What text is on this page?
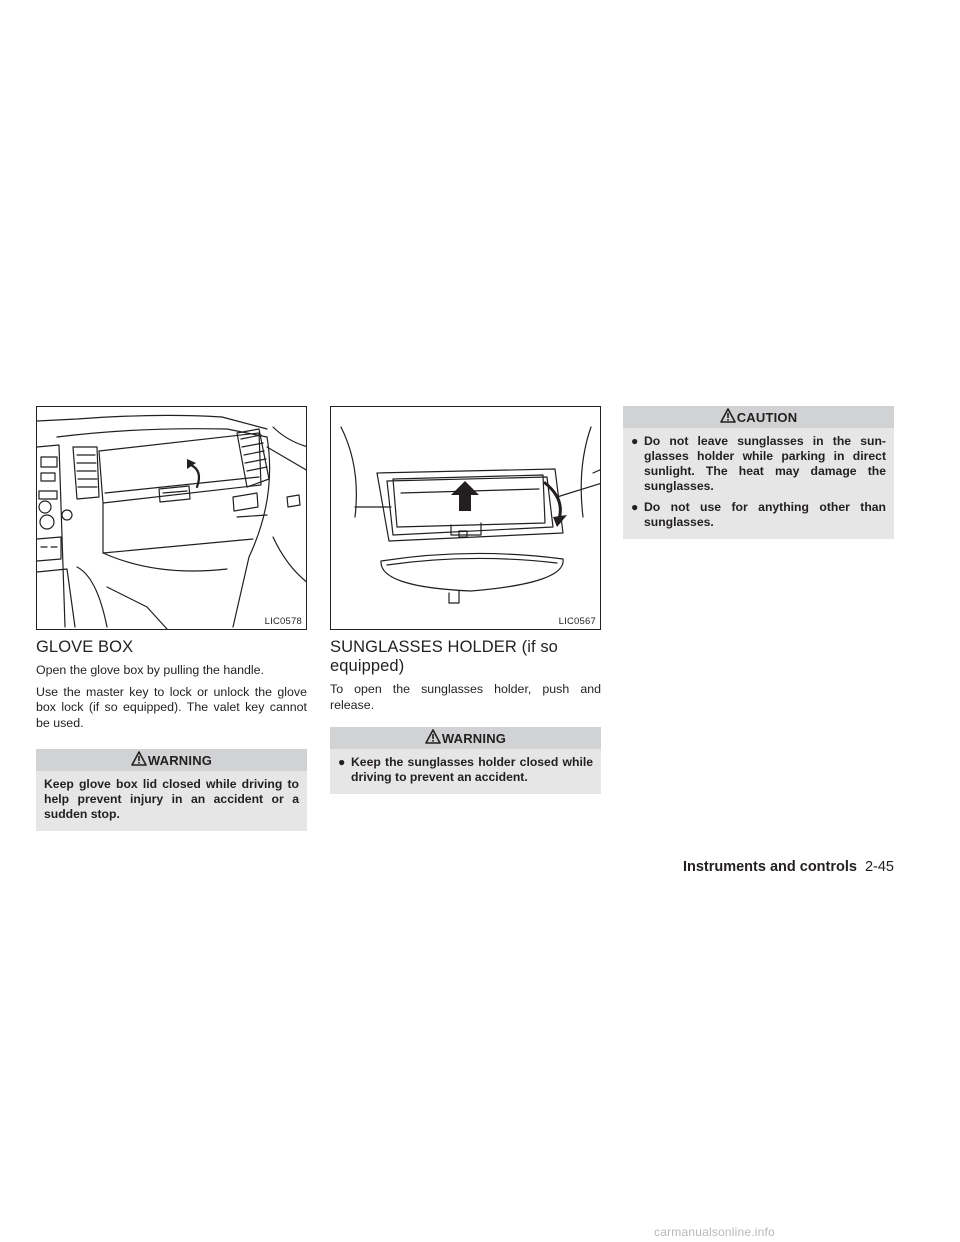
LIC0578
GLOVE BOX

Open the glove box by pulling the handle.

Use the master key to lock or unlock the glove box lock (if so equipped). The valet key cannot be used.

WARNING
Keep glove box lid closed while driving to help prevent injury in an accident or a sudden stop.
LIC0567
SUNGLASSES HOLDER (if so equipped)

To open the sunglasses holder, push and release.

WARNING
● Keep the sunglasses holder closed while driving to prevent an accident.
CAUTION
● Do not leave sunglasses in the sun-glasses holder while parking in direct sunlight. The heat may damage the sunglasses.
● Do not use for anything other than sunglasses.
Instruments and controls 2-45
carmanualsonline.info
